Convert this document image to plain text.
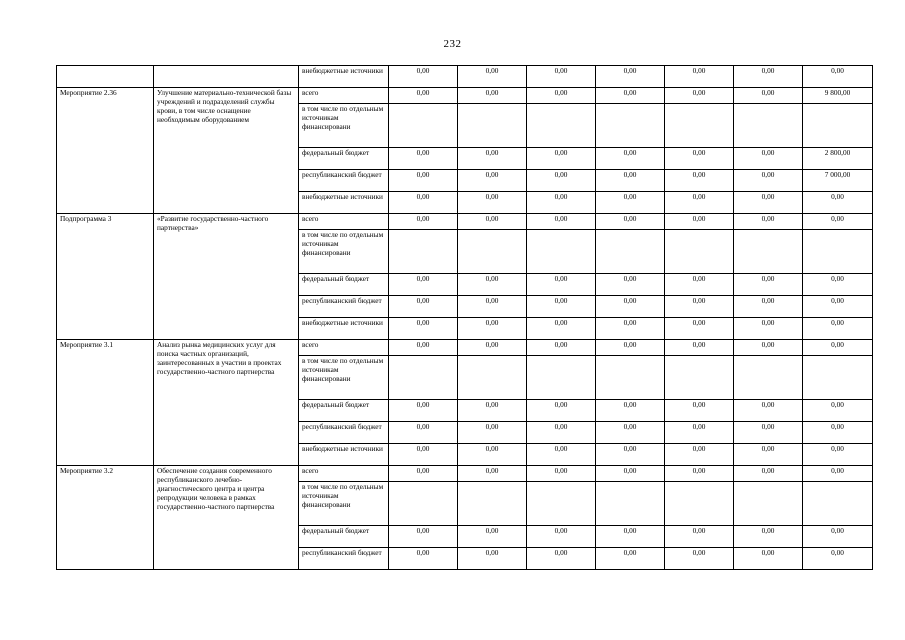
232
		внебюджетные источники	0,00	0,00	0,00	0,00	0,00	0,00	0,00
Мероприятие 2.36	Улучшение материально-технической базы учреждений и подразделений службы крови, в том числе оснащение необходимым оборудованием	всего	0,00	0,00	0,00	0,00	0,00	0,00	9 800,00
		в том числе по отдельным источникам финансировани							
		федеральный бюджет	0,00	0,00	0,00	0,00	0,00	0,00	2 800,00
		республиканский бюджет	0,00	0,00	0,00	0,00	0,00	0,00	7 000,00
		внебюджетные источники	0,00	0,00	0,00	0,00	0,00	0,00	0,00
Подпрограмма 3	«Развитие государственно-частного партнерства»	всего	0,00	0,00	0,00	0,00	0,00	0,00	0,00
		в том числе по отдельным источникам финансировани							
		федеральный бюджет	0,00	0,00	0,00	0,00	0,00	0,00	0,00
		республиканский бюджет	0,00	0,00	0,00	0,00	0,00	0,00	0,00
		внебюджетные источники	0,00	0,00	0,00	0,00	0,00	0,00	0,00
Мероприятие 3.1	Анализ рынка медицинских услуг для поиска частных организаций, заинтересованных в участии в проектах государственно-частного партнерства	всего	0,00	0,00	0,00	0,00	0,00	0,00	0,00
		в том числе по отдельным источникам финансировани							
		федеральный бюджет	0,00	0,00	0,00	0,00	0,00	0,00	0,00
		республиканский бюджет	0,00	0,00	0,00	0,00	0,00	0,00	0,00
		внебюджетные источники	0,00	0,00	0,00	0,00	0,00	0,00	0,00
Мероприятие 3.2	Обеспечение создания современного республиканского лечебно-диагностического центра и центра репродукции человека в рамках государственно-частного партнерства	всего	0,00	0,00	0,00	0,00	0,00	0,00	0,00
		в том числе по отдельным источникам финансировани							
		федеральный бюджет	0,00	0,00	0,00	0,00	0,00	0,00	0,00
		республиканский бюджет	0,00	0,00	0,00	0,00	0,00	0,00	0,00
